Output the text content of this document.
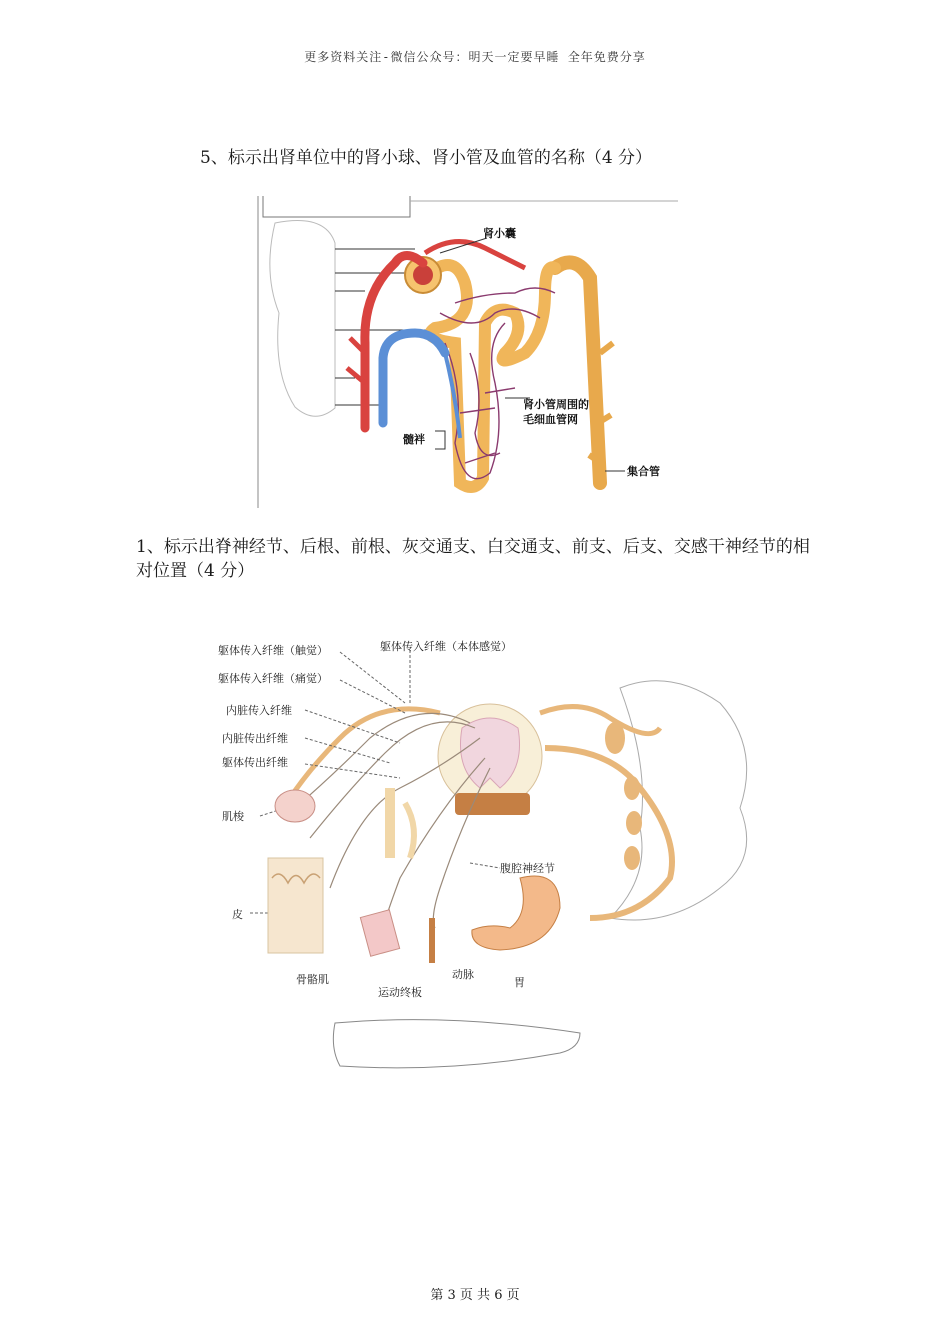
更多资料关注-微信公众号：明天一定要早睡 全年免费分享
5、标示出肾单位中的肾小球、肾小管及血管的名称（4 分）
肾小囊
肾小管周围的
毛细血管网
髓袢
集合管
1、标示出脊神经节、后根、前根、灰交通支、白交通支、前支、后支、交感干神经节的相对位置（4 分）
躯体传入纤维（触觉）
躯体传入纤维（痛觉）
躯体传入纤维（本体感觉）
内脏传入纤维
内脏传出纤维
躯体传出纤维
肌梭
皮
腹腔神经节
骨骼肌
运动终板
动脉
胃
第 3 页 共 6 页
